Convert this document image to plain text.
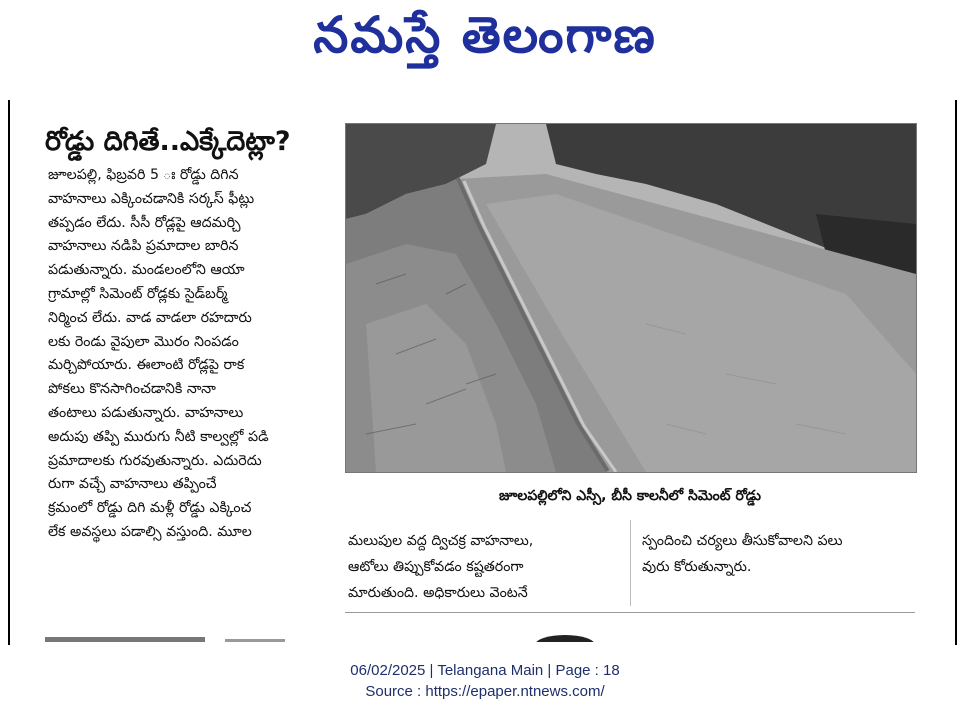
నమస్తే తెలంగాణ
రోడ్డు దిగితే..ఎక్కేదెట్లా?
జూలపల్లి, ఫిబ్రవరి 5 ః రోడ్డు దిగిన
వాహనాలు ఎక్కించడానికి సర్కస్ ఫీట్లు
తప్పడం లేదు. సీసీ రోడ్లపై ఆదమర్చి
వాహనాలు నడిపి ప్రమాదాల బారిన
పడుతున్నారు. మండలంలోని ఆయా
గ్రామాల్లో సిమెంట్ రోడ్లకు సైడ్‌బర్మ్
నిర్మించ లేదు. వాడ వాడలా రహదారు
లకు రెండు వైపులా మొరం నింపడం
మర్చిపోయారు. ఈలాంటి రోడ్లపై రాక
పోకలు కొనసాగించడానికి నానా
తంటాలు పడుతున్నారు. వాహనాలు
అదుపు తప్పి మురుగు నీటి కాల్వల్లో పడి
ప్రమాదాలకు గురవుతున్నారు. ఎదురెదు
రుగా వచ్చే వాహనాలు తప్పించే
క్రమంలో రోడ్డు దిగి మళ్లీ రోడ్డు ఎక్కించ
లేక అవస్థలు పడాల్సి వస్తుంది. మూల
జూలపల్లిలోని ఎస్సీ, బీసీ కాలనీలో సిమెంట్ రోడ్డు
మలుపుల వద్ద ద్విచక్ర వాహనాలు,
ఆటోలు తిప్పుకోవడం కష్టతరంగా
మారుతుంది. అధికారులు వెంటనే
స్పందించి చర్యలు తీసుకోవాలని పలు
వురు కోరుతున్నారు.
06/02/2025 | Telangana Main | Page : 18
Source : https://epaper.ntnews.com/
